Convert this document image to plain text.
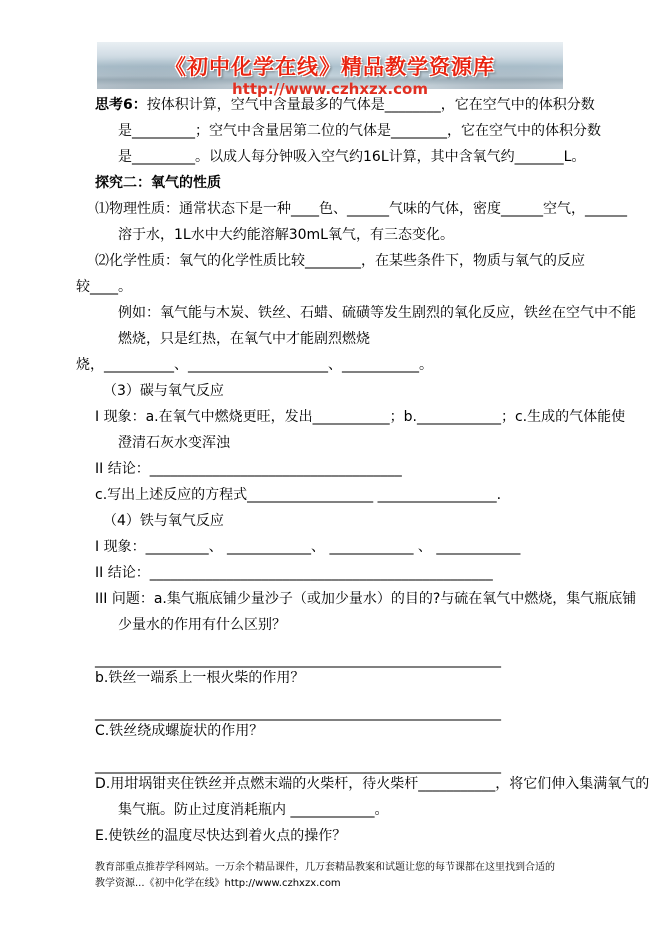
《初中化学在线》精品教学资源库
http://www.czhxzx.com
思考6：按体积计算，空气中含量最多的气体是________，它在空气中的体积分数
是_________；空气中含量居第二位的气体是________，它在空气中的体积分数
是_________。以成人每分钟吸入空气约16L计算，其中含氧气约_______L。
探究二：氧气的性质
⑴物理性质：通常状态下是一种____色、______气味的气体，密度______空气，______
溶于水，1L水中大约能溶解30mL氧气，有三态变化。
⑵化学性质：氧气的化学性质比较________，在某些条件下，物质与氧气的反应
较____。
例如：氧气能与木炭、铁丝、石蜡、硫磺等发生剧烈的氧化反应，铁丝在空气中不能
燃烧，只是红热，在氧气中才能剧烈燃烧
烧，__________、____________________、___________。
（3）碳与氧气反应
I 现象：a.在氧气中燃烧更旺，发出___________；b.____________；c.生成的气体能使
澄清石灰水变浑浊
II 结论：____________________________________
c.写出上述反应的方程式__________________ _________________.
（4）铁与氧气反应
I 现象：_________、 ____________、 ____________ 、 ____________
II 结论：_________________________________________________
III 问题：a.集气瓶底铺少量沙子（或加少量水）的目的?与硫在氧气中燃烧，集气瓶底铺
少量水的作用有什么区别？
__________________________________________________________
b.铁丝一端系上一根火柴的作用？
__________________________________________________________
C.铁丝绕成螺旋状的作用？
__________________________________________________________
D.用坩埚钳夹住铁丝并点燃末端的火柴杆，待火柴杆___________，将它们伸入集满氧气的
集气瓶。防止过度消耗瓶内 ____________。
E.使铁丝的温度尽快达到着火点的操作？
教育部重点推荐学科网站。一万余个精品课件，几万套精品教案和试题让您的每节课都在这里找到合适的
教学资源...《初中化学在线》http://www.czhxzx.com
